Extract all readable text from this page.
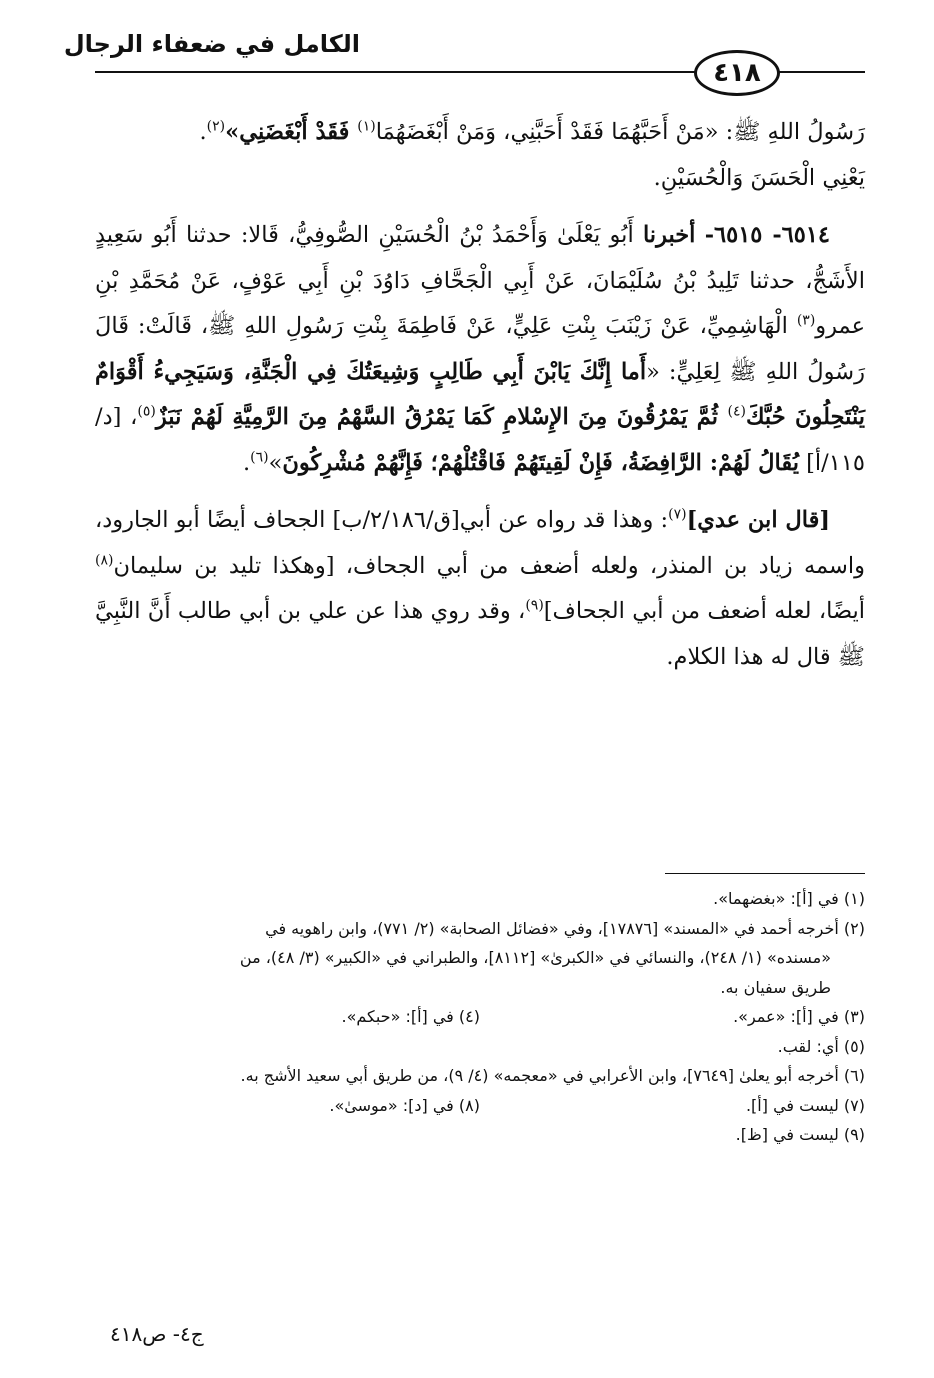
الكامل في ضعفاء الرجال
٤١٨

رَسُولُ اللهِ ﷺ: «مَنْ أَحَبَّهُمَا فَقَدْ أَحَبَّنِي، وَمَنْ أَبْغَضَهُمَا$^{(١)}$ فَقَدْ أَبْغَضَنِي»$^{(٢)}$.
يَعْنِي الْحَسَنَ وَالْحُسَيْنِ.

٦٥١٤- ٦٥١٥- أخبرنا أَبُو يَعْلَىٰ وَأَحْمَدُ بْنُ الْحُسَيْنِ الصُّوفِيُّ، قَالا: حدثنا أَبُو سَعِيدٍ الأَشَجُّ، حدثنا تَلِيدُ بْنُ سُلَيْمَانَ، عَنْ أَبِي الْجَحَّافِ دَاوُدَ بْنِ أَبِي عَوْفٍ، عَنْ مُحَمَّدِ بْنِ عمرو$^{(٣)}$ الْهَاشِمِيِّ، عَنْ زَيْنَبَ بِنْتِ عَلِيٍّ، عَنْ فَاطِمَةَ بِنْتِ رَسُولِ اللهِ ﷺ، قَالَتْ: قَالَ رَسُولُ اللهِ ﷺ لِعَلِيٍّ: «أَما إِنَّكَ يَابْنَ أَبِي طَالِبٍ وَشِيعَتُكَ فِي الْجَنَّةِ، وَسَيَجِيءُ أَقْوَامٌ يَنْتَحِلُونَ حُبَّكَ$^{(٤)}$ ثُمَّ يَمْرُقُونَ مِنَ الإِسْلامِ كَمَا يَمْرُقُ السَّهْمُ مِنَ الرَّمِيَّةِ لَهُمْ نَبَزٌ$^{(٥)}$، [د/١١٥/أ] يُقَالُ لَهُمْ: الرَّافِضَةُ، فَإِنْ لَقِيتَهُمْ فَاقْتُلْهُمْ؛ فَإِنَّهُمْ مُشْرِكُونَ»$^{(٦)}$.

[قال ابن عدي]$^{(٧)}$: وهذا قد رواه عن أبي[ق/٢/١٨٦/ب] الجحاف أيضًا أبو الجارود، واسمه زياد بن المنذر، ولعله أضعف من أبي الجحاف، [وهكذا تليد بن سليمان$^{(٨)}$ أيضًا، لعله أضعف من أبي الجحاف]$^{(٩)}$، وقد روي هذا عن علي بن أبي طالب أَنَّ النَّبِيَّ ﷺ قال له هذا الكلام.

(١) في [أ]: «بغضهما».

(٢) أخرجه أحمد في «المسند» [١٧٨٧٦]، وفي «فضائل الصحابة» (٢/ ٧٧١)، وابن راهويه في

«مسنده» (١/ ٢٤٨)، والنسائي في «الكبرىٰ» [٨١١٢]، والطبراني في «الكبير» (٣/ ٤٨)، من

طريق سفيان به.

(٣) في [أ]: «عمر».

(٤) في [أ]: «حبكم».

(٥) أي: لقب.

(٦) أخرجه أبو يعلىٰ [٧٦٤٩]، وابن الأعرابي في «معجمه» (٤/ ٩)، من طريق أبي سعيد الأشج به.

(٧) ليست في [أ].

(٨) في [د]: «موسىٰ».

(٩) ليست في [ظ].

ج٤- ص٤١٨
